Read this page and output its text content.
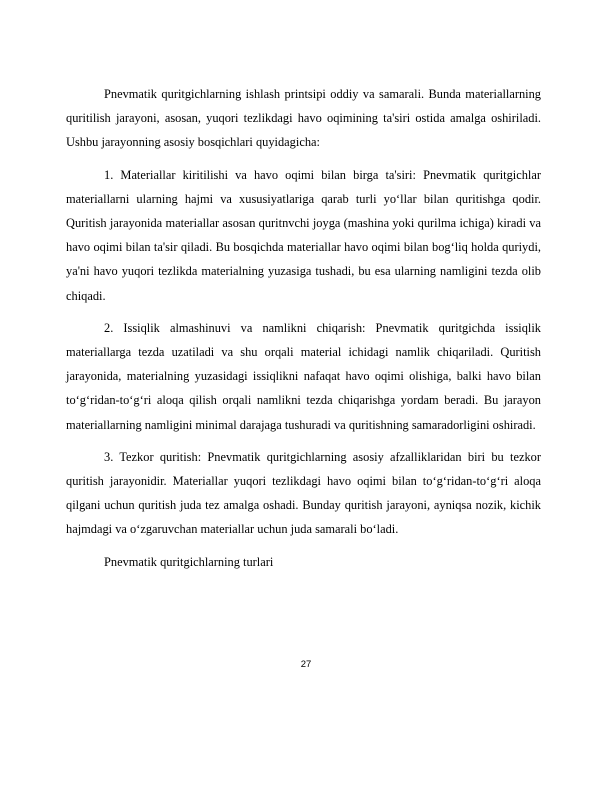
Pnevmatik quritgichlarning ishlash printsipi oddiy va samarali. Bunda materiallarning quritilish jarayoni, asosan, yuqori tezlikdagi havo oqimining ta'siri ostida amalga oshiriladi. Ushbu jarayonning asosiy bosqichlari quyidagicha:

1. Materiallar kiritilishi va havo oqimi bilan birga ta'siri: Pnevmatik quritgichlar materiallarni ularning hajmi va xususiyatlariga qarab turli yo‘llar bilan quritishga qodir. Quritish jarayonida materiallar asosan quritnvchi joyga (mashina yoki qurilma ichiga) kiradi va havo oqimi bilan ta'sir qiladi. Bu bosqichda materiallar havo oqimi bilan bog‘liq holda quriydi, ya'ni havo yuqori tezlikda materialning yuzasiga tushadi, bu esa ularning namligini tezda olib chiqadi.

2. Issiqlik almashinuvi va namlikni chiqarish: Pnevmatik quritgichda issiqlik materiallarga tezda uzatiladi va shu orqali material ichidagi namlik chiqariladi. Quritish jarayonida, materialning yuzasidagi issiqlikni nafaqat havo oqimi olishiga, balki havo bilan to‘g‘ridan-to‘g‘ri aloqa qilish orqali namlikni tezda chiqarishga yordam beradi. Bu jarayon materiallarning namligini minimal darajaga tushuradi va quritishning samaradorligini oshiradi.

3. Tezkor quritish: Pnevmatik quritgichlarning asosiy afzalliklaridan biri bu tezkor quritish jarayonidir. Materiallar yuqori tezlikdagi havo oqimi bilan to‘g‘ridan-to‘g‘ri aloqa qilgani uchun quritish juda tez amalga oshadi. Bunday quritish jarayoni, ayniqsa nozik, kichik hajmdagi va o‘zgaruvchan materiallar uchun juda samarali bo‘ladi.

Pnevmatik quritgichlarning turlari

27
